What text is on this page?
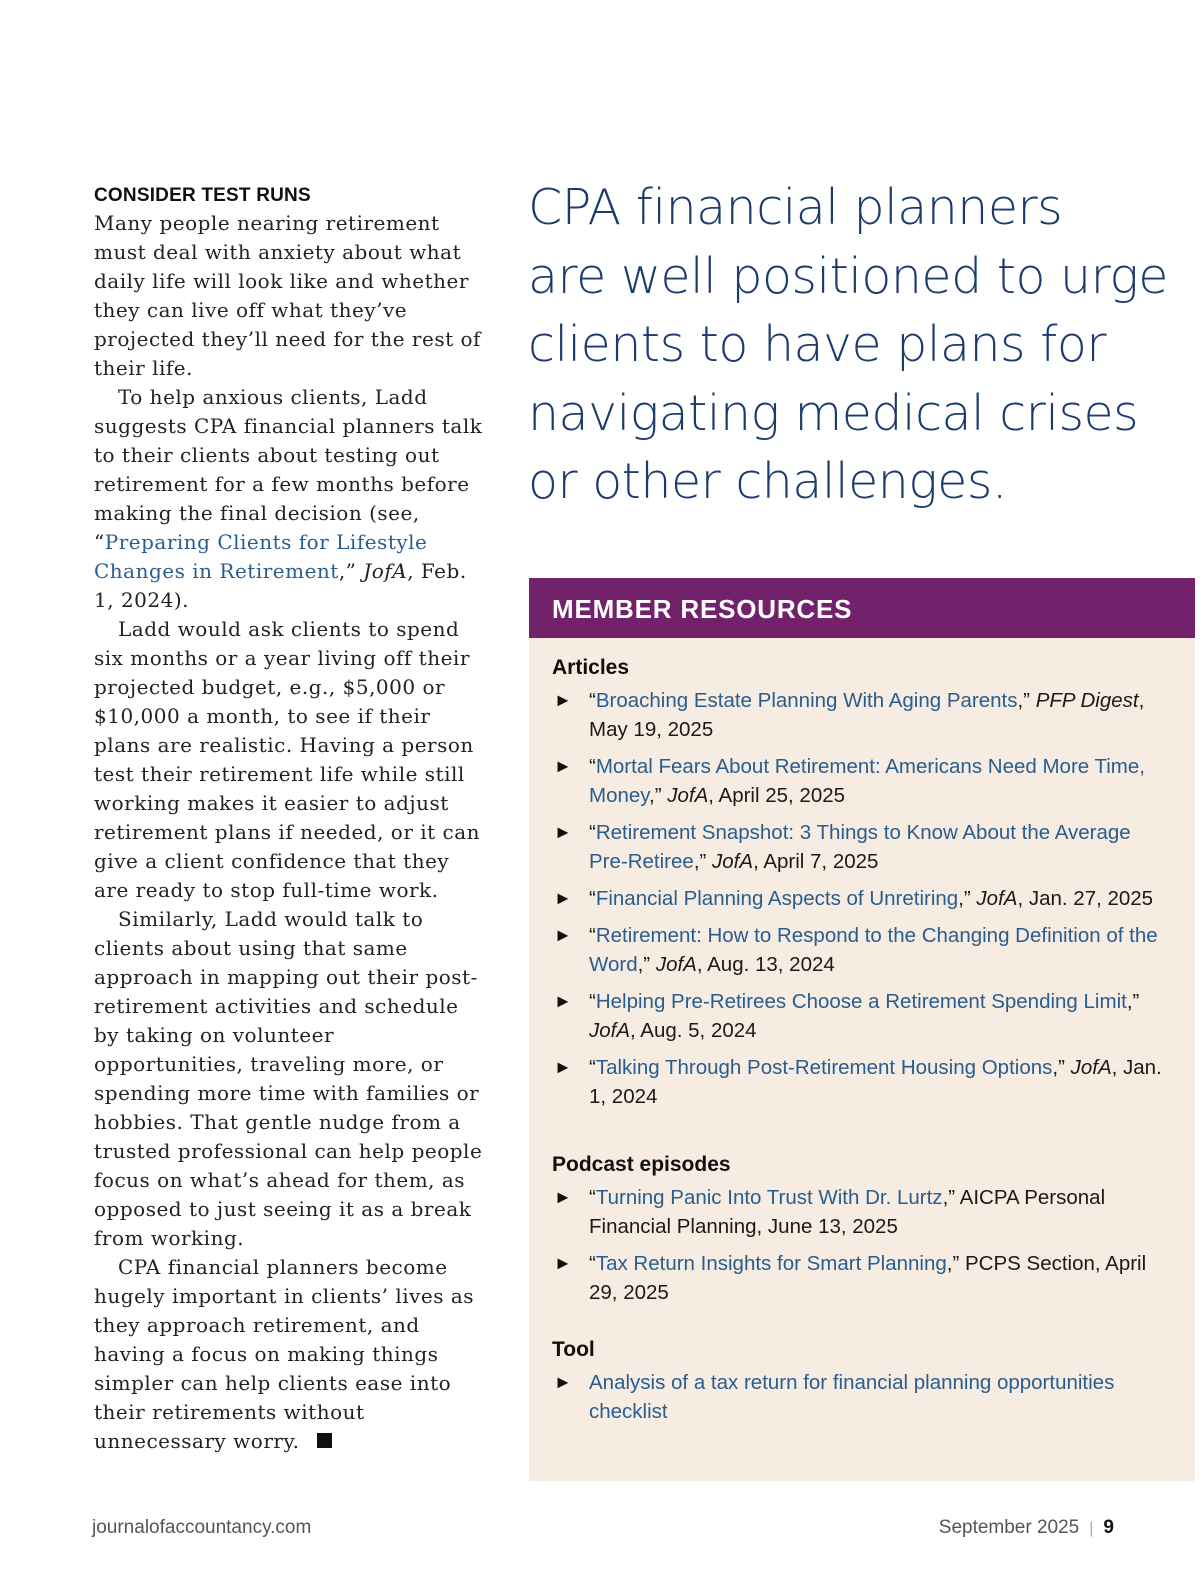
CONSIDER TEST RUNS

Many people nearing retirement must deal with anxiety about what daily life will look like and whether they can live off what they’ve projected they’ll need for the rest of their life.

To help anxious clients, Ladd suggests CPA financial planners talk to their clients about testing out retirement for a few months before making the final decision (see, “Preparing Clients for Lifestyle Changes in Retirement,” JofA, Feb. 1, 2024).

Ladd would ask clients to spend six months or a year living off their projected budget, e.g., $5,000 or $10,000 a month, to see if their plans are realistic. Having a person test their retirement life while still working makes it easier to adjust retirement plans if needed, or it can give a client confidence that they are ready to stop full-time work.

Similarly, Ladd would talk to clients about using that same approach in mapping out their post-retirement activities and schedule by taking on volunteer opportunities, traveling more, or spending more time with families or hobbies. That gentle nudge from a trusted professional can help people focus on what’s ahead for them, as opposed to just seeing it as a break from working.

CPA financial planners become hugely important in clients’ lives as they approach retirement, and having a focus on making things simpler can help clients ease into their retirements without unnecessary worry.

CPA financial planners
are well positioned to urge
clients to have plans for
navigating medical crises
or other challenges.
MEMBER RESOURCES
Articles
► “Broaching Estate Planning With Aging Parents,” PFP Digest, May 19, 2025
► “Mortal Fears About Retirement: Americans Need More Time, Money,” JofA, April 25, 2025
► “Retirement Snapshot: 3 Things to Know About the Average Pre-Retiree,” JofA, April 7, 2025
► “Financial Planning Aspects of Unretiring,” JofA, Jan. 27, 2025
► “Retirement: How to Respond to the Changing Definition of the Word,” JofA, Aug. 13, 2024
► “Helping Pre-Retirees Choose a Retirement Spending Limit,” JofA, Aug. 5, 2024
► “Talking Through Post-Retirement Housing Options,” JofA, Jan. 1, 2024
Podcast episodes
► “Turning Panic Into Trust With Dr. Lurtz,” AICPA Personal Financial Planning, June 13, 2025
► “Tax Return Insights for Smart Planning,” PCPS Section, April 29, 2025
Tool
► Analysis of a tax return for financial planning opportunities checklist
journalofaccountancy.com	September 2025 | 9
